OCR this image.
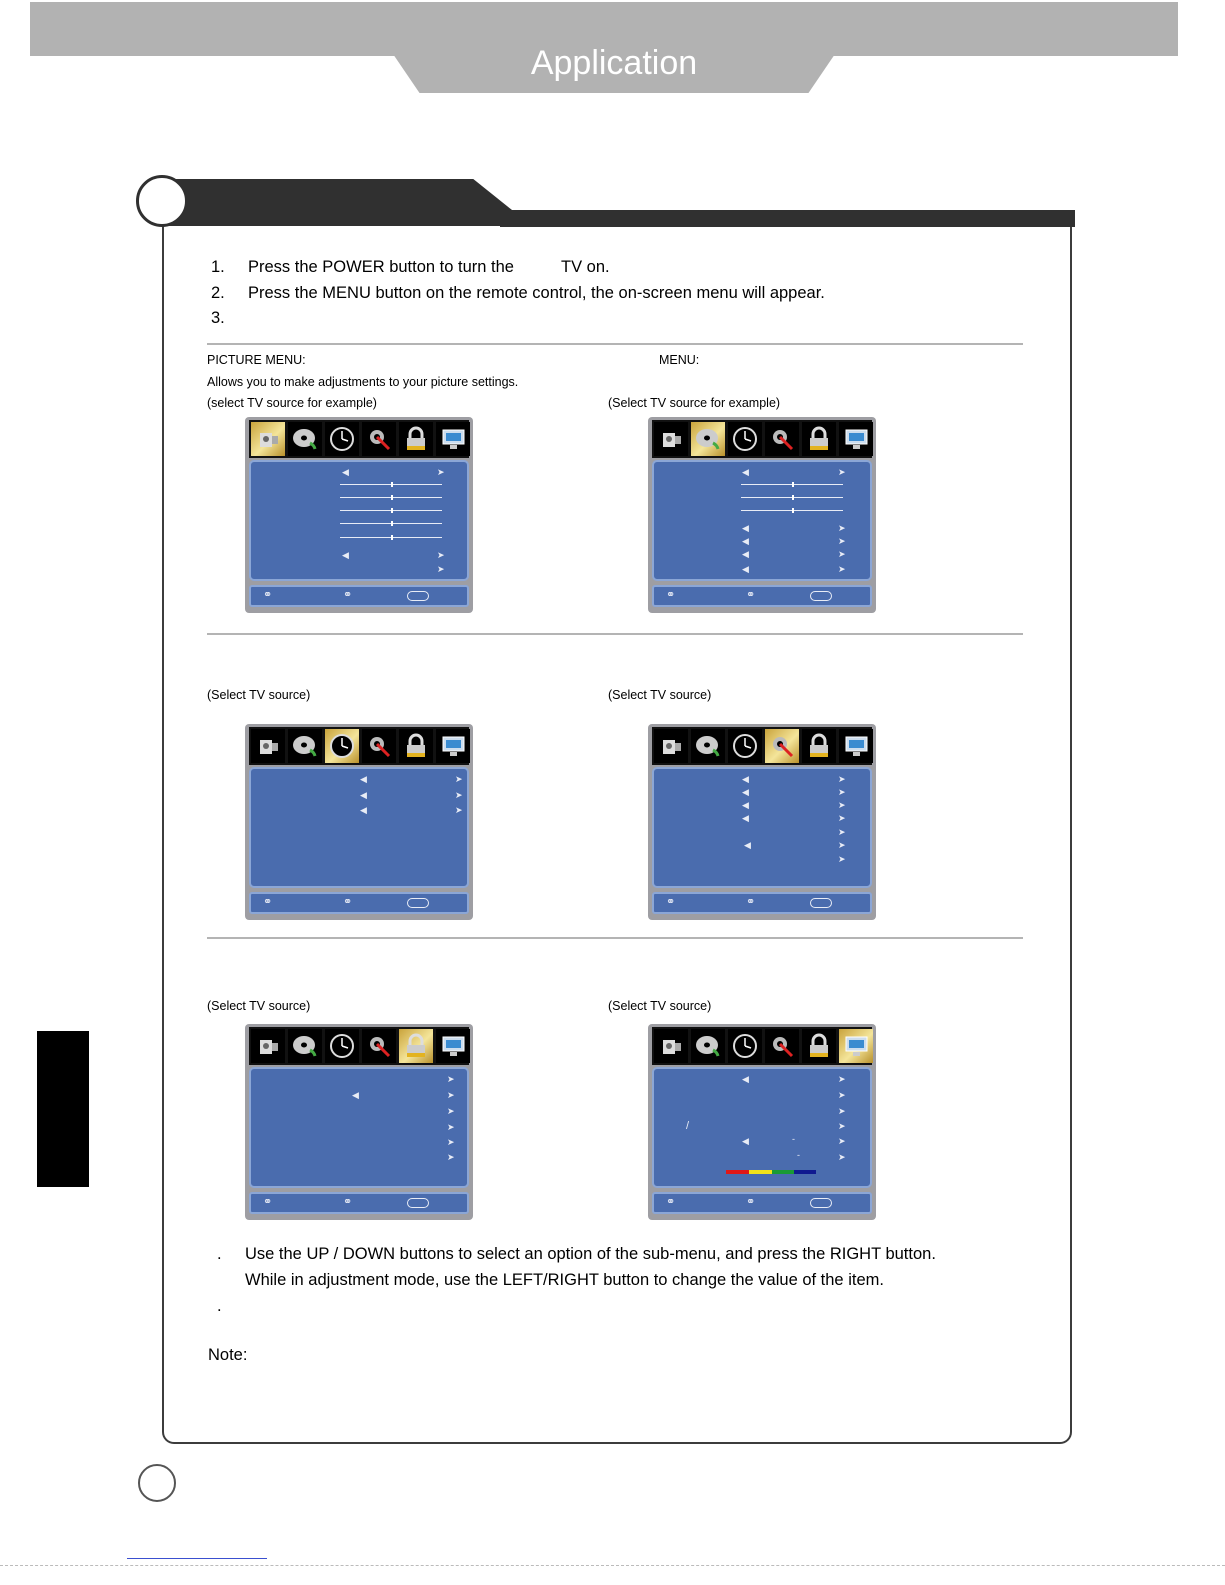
Application
1. Press the POWER button to turn the	TV on.
2. Press the MENU button on the remote control, the on-screen menu will appear.
3.
PICTURE MENU:
Allows you to make adjustments to your picture settings.
(select TV source for example)
MENU:
(Select TV source for example)
◀	➤
◀	➤
➤
⚭	⚭
◀	➤
◀	➤
◀	➤
◀	➤
◀	➤
⚭	⚭
(Select TV source)	(Select TV source)
◀	➤
◀	➤
◀	➤
⚭	⚭
◀	➤
◀	➤
◀	➤
◀	➤
➤
◀	➤
➤
⚭	⚭
(Select TV source)	(Select TV source)
➤
◀	➤
➤
➤
➤
➤
⚭	⚭
◀	➤
➤
➤
/	➤
◀	-	➤
-	➤
⚭	⚭
. Use the UP / DOWN buttons to select an option of the sub-menu, and press the RIGHT button.
While in adjustment mode, use the LEFT/RIGHT button to change the value of the item.
.
Note:
